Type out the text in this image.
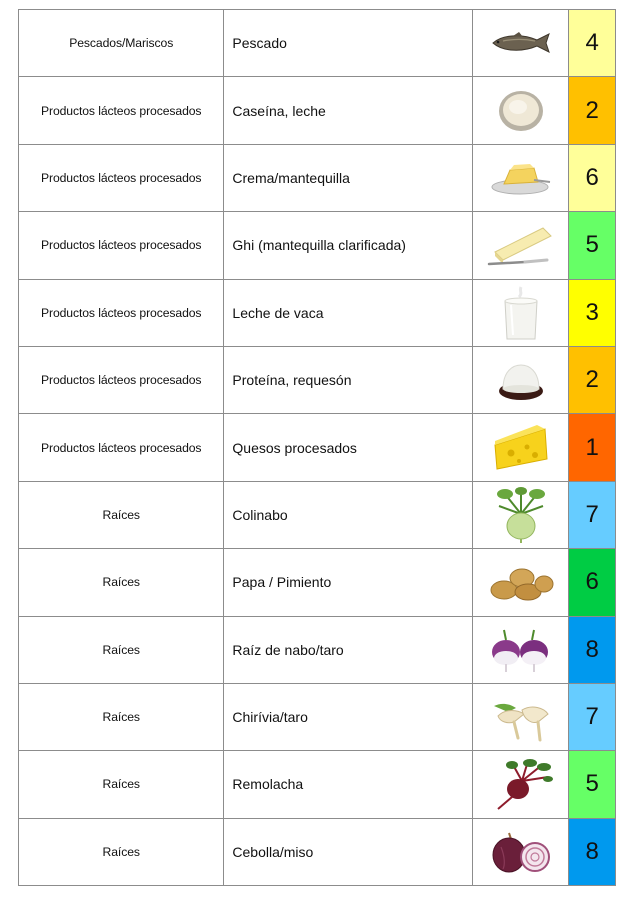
Pescados/Mariscos	Pescado		4
Productos lácteos procesados	Caseína, leche		2
Productos lácteos procesados	Crema/mantequilla		6
Productos lácteos procesados	Ghi (mantequilla clarificada)		5
Productos lácteos procesados	Leche de vaca		3
Productos lácteos procesados	Proteína, requesón		2
Productos lácteos procesados	Quesos procesados		1
Raíces	Colinabo		7
Raíces	Papa / Pimiento		6
Raíces	Raíz de nabo/taro		8
Raíces	Chirívia/taro		7
Raíces	Remolacha		5
Raíces	Cebolla/miso		8
